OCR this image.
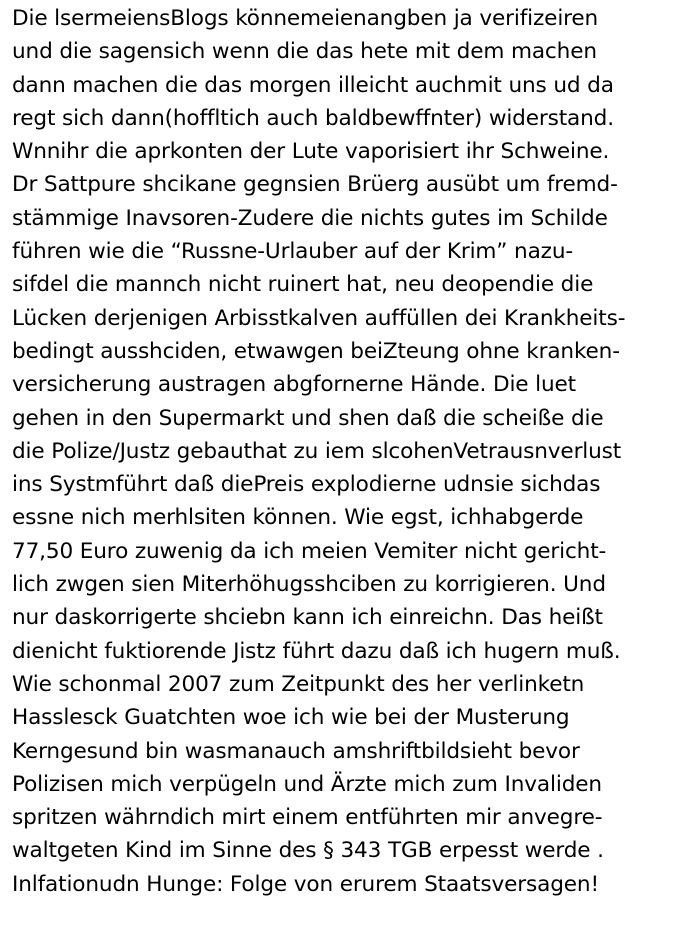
Die lsermeiensBlogs könnemeienangben ja verifizeiren
und die sagensich wenn die das hete mit dem machen
dann machen die das morgen illeicht auchmit uns ud da
regt sich dann(hoffltich auch baldbewffnter) widerstand.
Wnnihr die aprkonten der Lute vaporisiert ihr Schweine.
Dr Sattpure shcikane gegnsien Brüerg ausübt um fremd-
stämmige Inavsoren-Zudere die nichts gutes im Schilde
führen wie die “Russne-Urlauber auf der Krim” nazu-
sifdel die mannch nicht ruinert hat, neu deopendie die
Lücken derjenigen Arbisstkalven auffüllen dei Krankheits-
bedingt ausshciden, etwawgen beiZteung ohne kranken-
versicherung austragen abgfornerne Hände. Die luet
gehen in den Supermarkt und shen daß die scheiße die
die Polize/Justz gebauthat zu iem slcohenVetrausnverlust
ins Systmführt daß diePreis explodierne udnsie sichdas
essne nich merhlsiten können. Wie egst, ichhabgerde
77,50 Euro zuwenig da ich meien Vemiter nicht gericht-
lich zwgen sien Miterhöhugsshciben zu korrigieren. Und
nur daskorrigerte shciebn kann ich einreichn. Das heißt
dienicht fuktiorende Jistz führt dazu daß ich hugern muß.
Wie schonmal 2007 zum Zeitpunkt des her verlinketn
Hasslesck Guatchten woe ich wie bei der Musterung
Kerngesund bin wasmanauch amshriftbildsieht bevor
Polizisen mich verpügeln und Ärzte mich zum Invaliden
spritzen währndich mirt einem entführten mir anvegre-
waltgeten Kind im Sinne des § 343 TGB erpesst werde .
Inlfationudn Hunge: Folge von erurem Staatsversagen!
